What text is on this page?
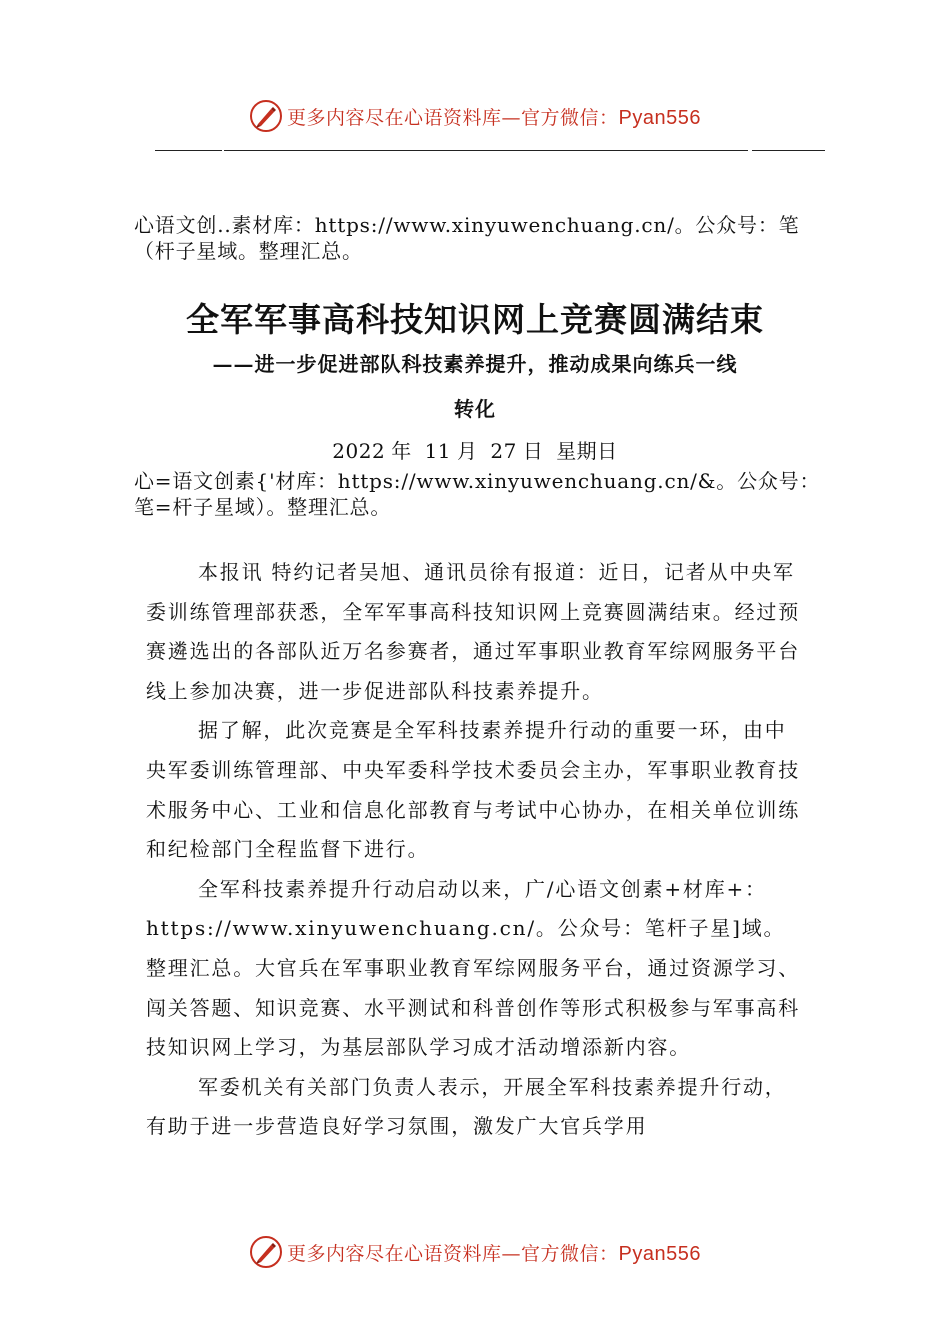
更多内容尽在心语资料库—官方微信：Pyan556

心语文创..素材库：https://www.xinyuwenchuang.cn/。公众号：笔（杆子星域。整理汇总。

全军军事高科技知识网上竞赛圆满结束

——进一步促进部队科技素养提升，推动成果向练兵一线

转化

2022 年 11 月 27 日 星期日

心=语文创素{'材库：https://www.xinyuwenchuang.cn/&。公众号：笔=杆子星域）。整理汇总。

本报讯 特约记者吴旭、通讯员徐有报道：近日，记者从中央军委训练管理部获悉，全军军事高科技知识网上竞赛圆满结束。经过预赛遴选出的各部队近万名参赛者，通过军事职业教育军综网服务平台线上参加决赛，进一步促进部队科技素养提升。

据了解，此次竞赛是全军科技素养提升行动的重要一环，由中央军委训练管理部、中央军委科学技术委员会主办，军事职业教育技术服务中心、工业和信息化部教育与考试中心协办，在相关单位训练和纪检部门全程监督下进行。

全军科技素养提升行动启动以来，广/心语文创素+材库+：https://www.xinyuwenchuang.cn/。公众号：笔杆子星]域。整理汇总。大官兵在军事职业教育军综网服务平台，通过资源学习、闯关答题、知识竞赛、水平测试和科普创作等形式积极参与军事高科技知识网上学习，为基层部队学习成才活动增添新内容。

军委机关有关部门负责人表示，开展全军科技素养提升行动，有助于进一步营造良好学习氛围，激发广大官兵学用

更多内容尽在心语资料库—官方微信：Pyan556
